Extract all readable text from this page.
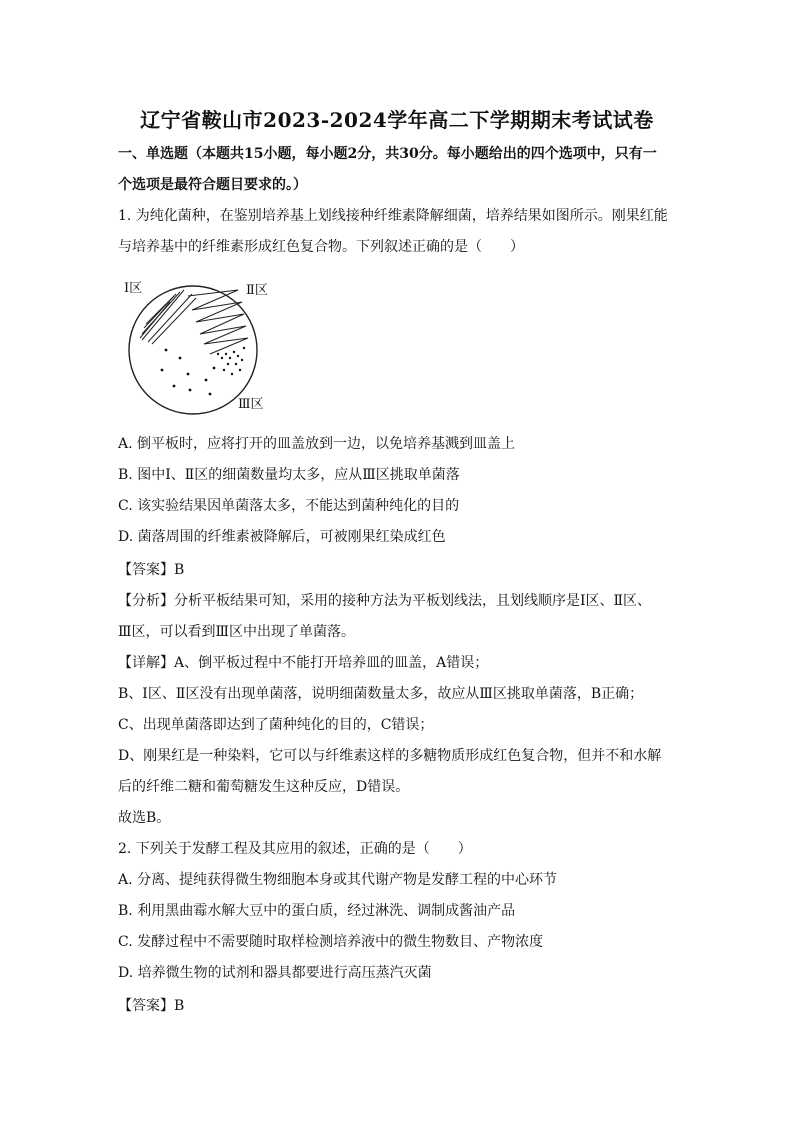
辽宁省鞍山市2023-2024学年高二下学期期末考试试卷
一、单选题（本题共15小题，每小题2分，共30分。每小题给出的四个选项中，只有一
个选项是最符合题目要求的。）
1. 为纯化菌种，在鉴别培养基上划线接种纤维素降解细菌，培养结果如图所示。刚果红能
与培养基中的纤维素形成红色复合物。下列叙述正确的是（　　）
Ⅰ区	Ⅱ区
Ⅲ区
A. 倒平板时，应将打开的皿盖放到一边，以免培养基溅到皿盖上
B. 图中Ⅰ、Ⅱ区的细菌数量均太多，应从Ⅲ区挑取单菌落
C. 该实验结果因单菌落太多，不能达到菌种纯化的目的
D. 菌落周围的纤维素被降解后，可被刚果红染成红色
【答案】B
【分析】分析平板结果可知，采用的接种方法为平板划线法，且划线顺序是Ⅰ区、Ⅱ区、
Ⅲ区，可以看到Ⅲ区中出现了单菌落。
【详解】A、倒平板过程中不能打开培养皿的皿盖，A错误；
B、Ⅰ区、Ⅱ区没有出现单菌落，说明细菌数量太多，故应从Ⅲ区挑取单菌落，B正确；
C、出现单菌落即达到了菌种纯化的目的，C错误；
D、刚果红是一种染料，它可以与纤维素这样的多糖物质形成红色复合物，但并不和水解
后的纤维二糖和葡萄糖发生这种反应，D错误。
故选B。
2. 下列关于发酵工程及其应用的叙述，正确的是（　　）
A. 分离、提纯获得微生物细胞本身或其代谢产物是发酵工程的中心环节
B. 利用黑曲霉水解大豆中的蛋白质，经过淋洗、调制成酱油产品
C. 发酵过程中不需要随时取样检测培养液中的微生物数目、产物浓度
D. 培养微生物的试剂和器具都要进行高压蒸汽灭菌
【答案】B
